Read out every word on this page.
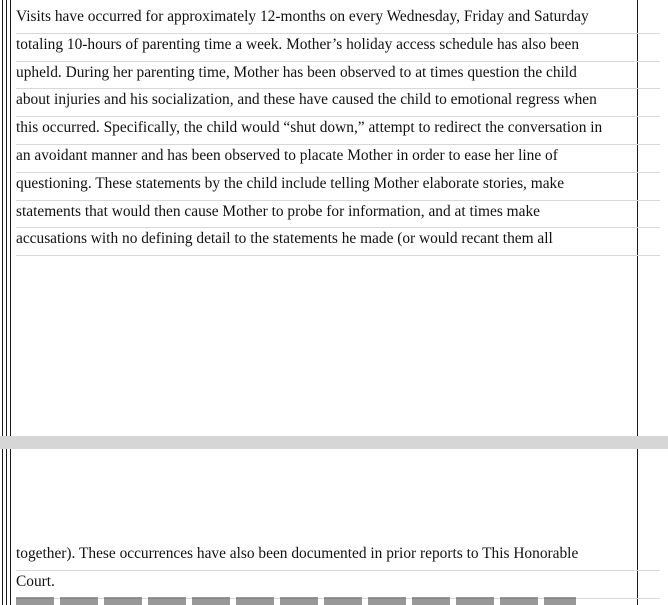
Visits have occurred for approximately 12-months on every Wednesday, Friday and Saturday
totaling 10-hours of parenting time a week. Mother’s holiday access schedule has also been
upheld. During her parenting time, Mother has been observed to at times question the child
about injuries and his socialization, and these have caused the child to emotional regress when
this occurred. Specifically, the child would “shut down,” attempt to redirect the conversation in
an avoidant manner and has been observed to placate Mother in order to ease her line of
questioning. These statements by the child include telling Mother elaborate stories, make
statements that would then cause Mother to probe for information, and at times make
accusations with no defining detail to the statements he made (or would recant them all
together). These occurrences have also been documented in prior reports to This Honorable
Court.
